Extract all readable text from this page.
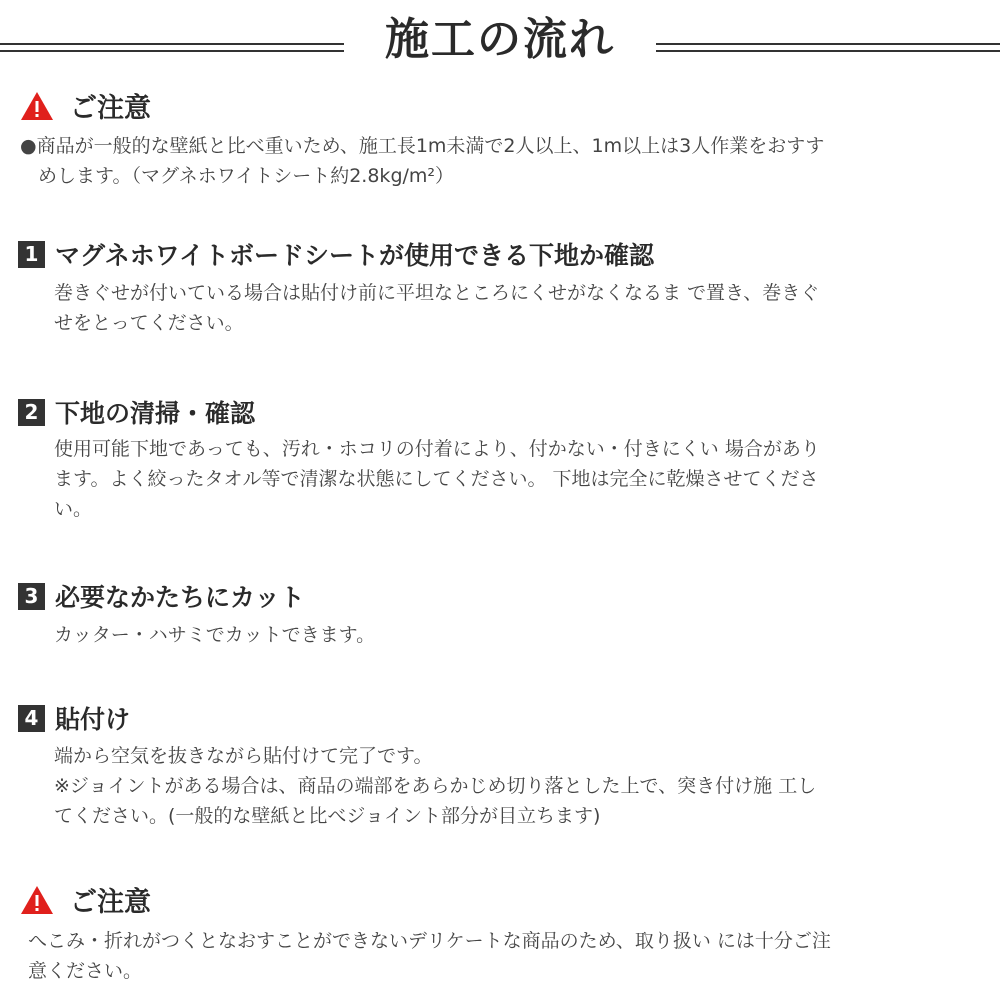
施工の流れ
ご注意
●商品が一般的な壁紙と比べ重いため、施工長1m未満で2人以上、1m以上は3人作業をおすす
めします。（マグネホワイトシート約2.8kg/m²）
1 マグネホワイトボードシートが使用できる下地か確認
巻きぐせが付いている場合は貼付け前に平坦なところにくせがなくなるま で置き、巻きぐ
せをとってください。
2 下地の清掃・確認
使用可能下地であっても、汚れ・ホコリの付着により、付かない・付きにくい 場合があり
ます。よく絞ったタオル等で清潔な状態にしてください。 下地は完全に乾燥させてくださ
い。
3 必要なかたちにカット
カッター・ハサミでカットできます。
4 貼付け
端から空気を抜きながら貼付けて完了です。
※ジョイントがある場合は、商品の端部をあらかじめ切り落とした上で、突き付け施 工し
てください。(一般的な壁紙と比べジョイント部分が目立ちます)
ご注意
へこみ・折れがつくとなおすことができないデリケートな商品のため、取り扱い には十分ご注
意ください。
